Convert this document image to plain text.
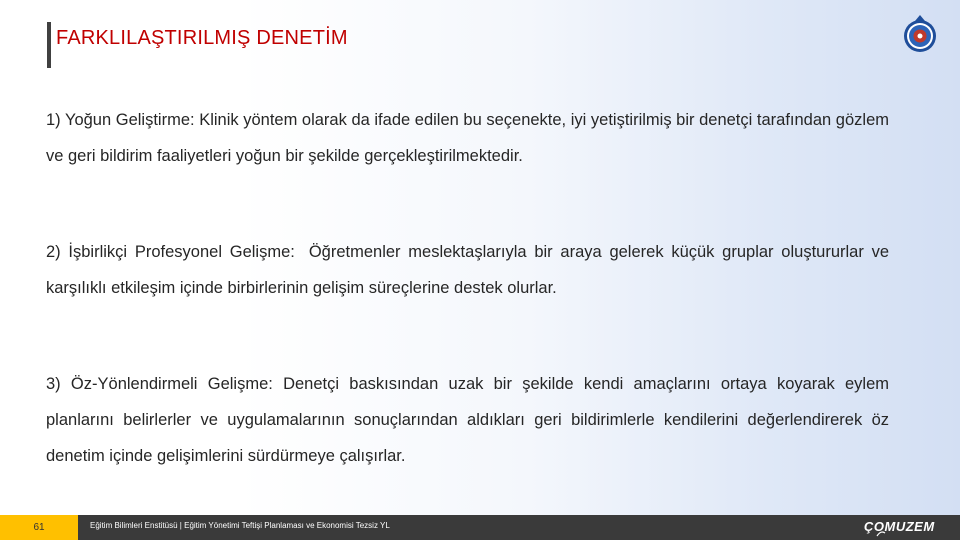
FARKLILAŞTIRILMIŞ DENETİM
1) Yoğun Geliştirme: Klinik yöntem olarak da ifade edilen bu seçenekte, iyi yetiştirilmiş bir denetçi tarafından gözlem ve geri bildirim faaliyetleri yoğun bir şekilde gerçekleştirilmektedir.
2) İşbirlikçi Profesyonel Gelişme: Öğretmenler meslektaşlarıyla bir araya gelerek küçük gruplar oluştururlar ve karşılıklı etkileşim içinde birbirlerinin gelişim süreçlerine destek olurlar.
3) Öz-Yönlendirmeli Gelişme: Denetçi baskısından uzak bir şekilde kendi amaçlarını ortaya koyarak eylem planlarını belirlerler ve uygulamalarının sonuçlarından aldıkları geri bildirimlerle kendilerini değerlendirerek öz denetim içinde gelişimlerini sürdürmeye çalışırlar.
61	Eğitim Bilimleri Enstitüsü | Eğitim Yönetimi Teftişi Planlaması ve Ekonomisi Tezsiz YL	ÇOMUZEM
